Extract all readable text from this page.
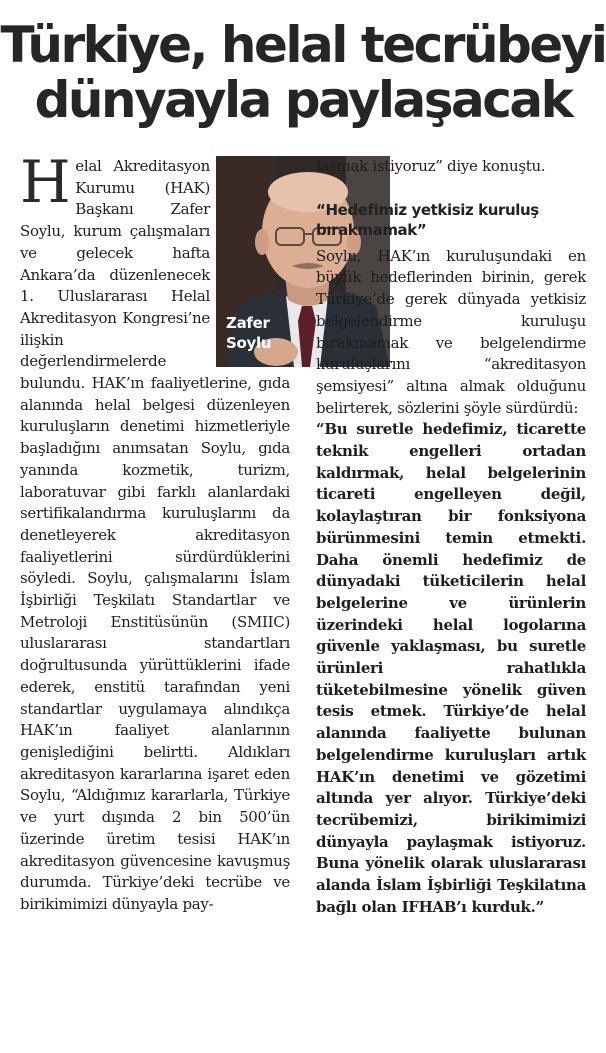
Türkiye, helal tecrübeyi
dünyayla paylaşacak

Helal Akreditasyon Kurumu (HAK) Başkanı Zafer Soylu, kurum çalışmaları ve gelecek hafta Ankara’da düzenlenecek 1. Uluslararası Helal Akreditasyon Kongresi’ne ilişkin değerlendirmelerde bulundu. HAK’ın faaliyetlerine, gıda alanında helal belgesi düzenleyen kuruluşların denetimi hizmetleriyle başladığını anımsatan Soylu, gıda yanında kozmetik, turizm, laboratuvar gibi farklı alanlardaki sertifikalandırma kuruluşlarını da denetleyerek akreditasyon faaliyetlerini sürdürdüklerini söyledi. Soylu, çalışmalarını İslam İşbirliği Teşkilatı Standartlar ve Metroloji Enstitüsünün (SMIIC) uluslararası standartları doğrultusunda yürüttüklerini ifade ederek, enstitü tarafından yeni standartlar uygulamaya alındıkça HAK’ın faaliyet alanlarının genişlediğini belirtti. Aldıkları akreditasyon kararlarına işaret eden Soylu, “Aldığımız kararlarla, Türkiye ve yurt dışında 2 bin 500’ün üzerinde üretim tesisi HAK’ın akreditasyon güvencesine kavuşmuş durumda. Türkiye’deki tecrübe ve birikimimizi dünyayla pay-

Zafer
Soylu

laşmak istiyoruz” diye konuştu.

“Hedefimiz yetkisiz kuruluş bırakmamak”

Soylu, HAK’ın kuruluşundaki en büyük hedeflerinden birinin, gerek Türkiye’de gerek dünyada yetkisiz belgelendirme kuruluşu bırakmamak ve belgelendirme kuruluşlarını “akreditasyon şemsiyesi” altına almak olduğunu belirterek, sözlerini şöyle sürdürdü:

“Bu suretle hedefimiz, ticarette teknik engelleri ortadan kaldırmak, helal belgelerinin ticareti engelleyen değil, kolaylaştıran bir fonksiyona bürünmesini temin etmekti. Daha önemli hedefimiz de dünyadaki tüketicilerin helal belgelerine ve ürünlerin üzerindeki helal logolarına güvenle yaklaşması, bu suretle ürünleri rahatlıkla tüketebilmesine yönelik güven tesis etmek. Türkiye’de helal alanında faaliyette bulunan belgelendirme kuruluşları artık HAK’ın denetimi ve gözetimi altında yer alıyor. Türkiye’deki tecrübemizi, birikimimizi dünyayla paylaşmak istiyoruz. Buna yönelik olarak uluslararası alanda İslam İşbirliği Teşkilatına bağlı olan IFHAB’ı kurduk.”
